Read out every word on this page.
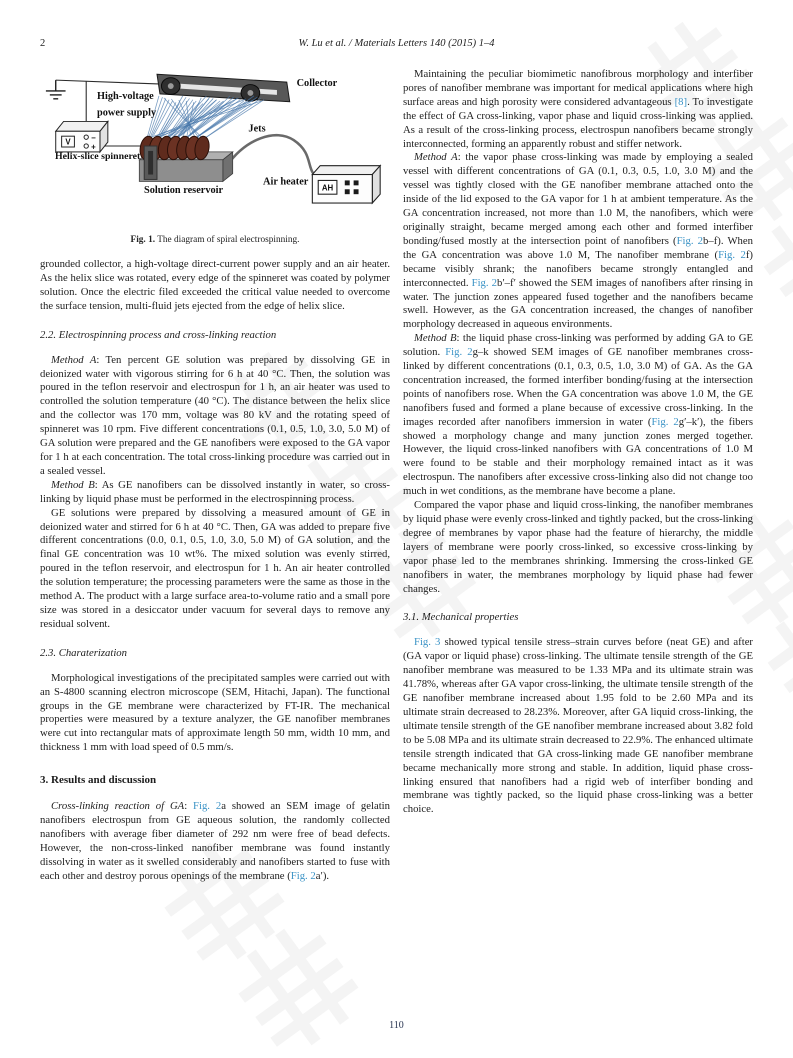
2	W. Lu et al. / Materials Letters 140 (2015) 1–4
Collector
Jets
V	−
+
High-voltage
power supply
Helix-slice spinneret
Solution reservoir	AH
Air heater
Fig. 1. The diagram of spiral electrospinning.

grounded collector, a high-voltage direct-current power supply and an air heater. As the helix slice was rotated, every edge of the spinneret was coated by polymer solution. Once the electric filed exceeded the critical value needed to overcome the surface tension, multi-fluid jets ejected from the edge of helix slice.

2.2. Electrospinning process and cross-linking reaction

Method A: Ten percent GE solution was prepared by dissolving GE in deionized water with vigorous stirring for 6 h at 40 °C. Then, the solution was poured in the teflon reservoir and electrospun for 1 h, an air heater was used to controlled the solution temperature (40 °C). The distance between the helix slice and the collector was 170 mm, voltage was 80 kV and the rotating speed of spinneret was 10 rpm. Five different concentrations (0.1, 0.5, 1.0, 3.0, 5.0 M) of GA solution were prepared and the GE nanofibers were exposed to the GA vapor for 1 h at each concentration. The total cross-linking procedure was carried out in a sealed vessel.

Method B: As GE nanofibers can be dissolved instantly in water, so cross-linking by liquid phase must be performed in the electrospinning process.

GE solutions were prepared by dissolving a measured amount of GE in deionized water and stirred for 6 h at 40 °C. Then, GA was added to prepare five different concentrations (0.0, 0.1, 0.5, 1.0, 3.0, 5.0 M) of GA solution, and the final GE concentration was 10 wt%. The mixed solution was evenly stirred, poured in the teflon reservoir, and electrospun for 1 h. An air heater controlled the solution temperature; the processing parameters were the same as those in the method A. The product with a large surface area-to-volume ratio and a small pore size was stored in a desiccator under vacuum for several days to remove any residual solvent.

2.3. Charaterization

Morphological investigations of the precipitated samples were carried out with an S-4800 scanning electron microscope (SEM, Hitachi, Japan). The functional groups in the GE membrane were characterized by FT-IR. The mechanical properties were measured by a texture analyzer, the GE nanofiber membranes were cut into rectangular mats of approximate length 50 mm, width 10 mm, and thickness 1 mm with load speed of 0.5 mm/s.

3. Results and discussion

Cross-linking reaction of GA: Fig. 2a showed an SEM image of gelatin nanofibers electrospun from GE aqueous solution, the randomly collected nanofibers with average fiber diameter of 292 nm were free of bead defects. However, the non-cross-linked nanofiber membrane was found instantly dissolving in water as it swelled considerably and nanofibers started to fuse with each other and destroy porous openings of the membrane (Fig. 2a′).

Maintaining the peculiar biomimetic nanofibrous morphology and interfiber pores of nanofiber membrane was important for medical applications where high surface areas and high porosity were considered advantageous [8]. To investigate the effect of GA cross-linking, vapor phase and liquid cross-linking was applied. As a result of the cross-linking process, electrospun nanofibers became strongly interconnected, forming an apparently robust and stiffer network.

Method A: the vapor phase cross-linking was made by employing a sealed vessel with different concentrations of GA (0.1, 0.3, 0.5, 1.0, 3.0 M) and the vessel was tightly closed with the GE nanofiber membrane attached onto the inside of the lid exposed to the GA vapor for 1 h at ambient temperature. As the GA concentration increased, not more than 1.0 M, the nanofibers, which were originally straight, became merged among each other and formed interfiber bonding/fused mostly at the intersection point of nanofibers (Fig. 2b–f). When the GA concentration was above 1.0 M, The nanofiber membrane (Fig. 2f) became visibly shrank; the nanofibers became strongly entangled and interconnected. Fig. 2b′–f′ showed the SEM images of nanofibers after rinsing in water. The junction zones appeared fused together and the nanofibers became swell. However, as the GA concentration increased, the changes of nanofiber morphology decreased in aqueous environments.

Method B: the liquid phase cross-linking was performed by adding GA to GE solution. Fig. 2g–k showed SEM images of GE nanofiber membranes cross-linked by different concentrations (0.1, 0.3, 0.5, 1.0, 3.0 M) of GA. As the GA concentration increased, the formed interfiber bonding/fusing at the intersection points of nanofibers rose. When the GA concentration was above 1.0 M, the GE nanofibers fused and formed a plane because of excessive cross-linking. In the images recorded after nanofibers immersion in water (Fig. 2g′–k′), the fibers showed a morphology change and many junction zones merged together. However, the liquid cross-linked nanofibers with GA concentrations of 1.0 M were found to be stable and their morphology remained intact as it was electrospun. The nanofibers after excessive cross-linking also did not change too much in wet conditions, as the membrane have become a plane.

Compared the vapor phase and liquid cross-linking, the nanofiber membranes by liquid phase were evenly cross-linked and tightly packed, but the cross-linking degree of membranes by vapor phase had the feature of hierarchy, the middle layers of membrane were poorly cross-linked, so excessive cross-linking by vapor phase led to the membranes shrinking. Immersing the cross-linked GE nanofibers in water, the membranes morphology by liquid phase had fewer changes.

3.1. Mechanical properties

Fig. 3 showed typical tensile stress–strain curves before (neat GE) and after (GA vapor or liquid phase) cross-linking. The ultimate tensile strength of the GE nanofiber membrane was measured to be 1.33 MPa and its ultimate strain was 41.78%, whereas after GA vapor cross-linking, the ultimate tensile strength of the GE nanofiber membrane increased about 1.95 fold to be 2.60 MPa and its ultimate strain decreased to 28.23%. Moreover, after GA liquid cross-linking, the ultimate tensile strength of the GE nanofiber membrane increased about 3.82 fold to be 5.08 MPa and its ultimate strain decreased to 22.9%. The enhanced ultimate tensile strength indicated that GA cross-linking made GE nanofiber membrane became mechanically more strong and stable. In addition, liquid phase cross-linking ensured that nanofibers had a rigid web of interfiber bonding and membrane was tightly packed, so the liquid phase cross-linking was a better choice.

110
